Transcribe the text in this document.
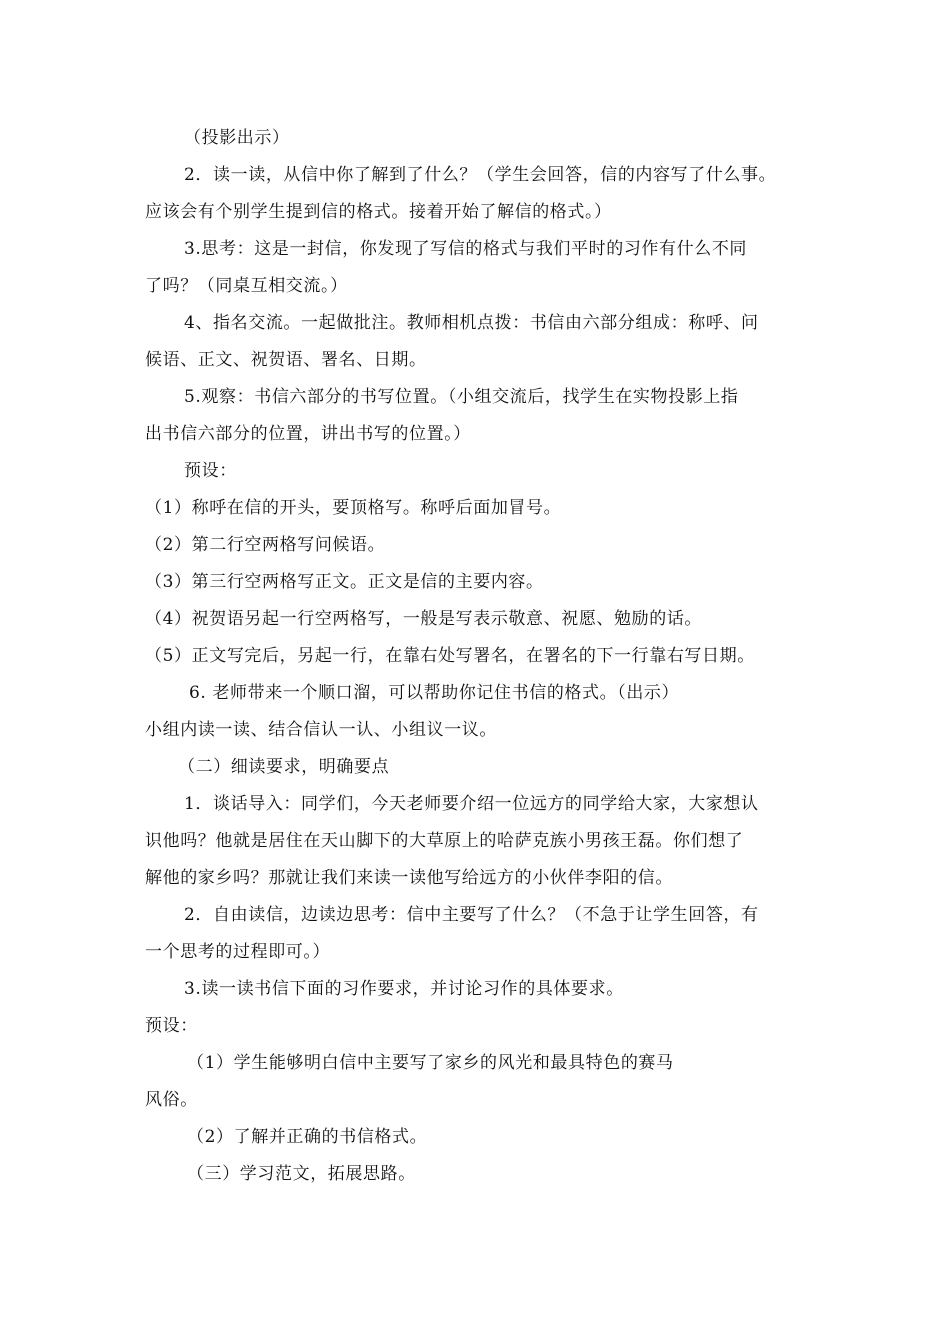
（投影出示）
2．读一读，从信中你了解到了什么？（学生会回答，信的内容写了什么事。
应该会有个别学生提到信的格式。接着开始了解信的格式。）
3.思考：这是一封信，你发现了写信的格式与我们平时的习作有什么不同
了吗？（同桌互相交流。）
4、指名交流。一起做批注。教师相机点拨：书信由六部分组成：称呼、问
候语、正文、祝贺语、署名、日期。
5.观察：书信六部分的书写位置。（小组交流后，找学生在实物投影上指
出书信六部分的位置，讲出书写的位置。）
预设：
（1）称呼在信的开头，要顶格写。称呼后面加冒号。
（2）第二行空两格写问候语。
（3）第三行空两格写正文。正文是信的主要内容。
（4）祝贺语另起一行空两格写，一般是写表示敬意、祝愿、勉励的话。
（5）正文写完后，另起一行，在靠右处写署名，在署名的下一行靠右写日期。
6. 老师带来一个顺口溜，可以帮助你记住书信的格式。（出示）
小组内读一读、结合信认一认、小组议一议。
（二）细读要求，明确要点
1．谈话导入：同学们，今天老师要介绍一位远方的同学给大家，大家想认
识他吗？他就是居住在天山脚下的大草原上的哈萨克族小男孩王磊。你们想了
解他的家乡吗？那就让我们来读一读他写给远方的小伙伴李阳的信。
2．自由读信，边读边思考：信中主要写了什么？（不急于让学生回答，有
一个思考的过程即可。）
3.读一读书信下面的习作要求，并讨论习作的具体要求。
预设：
（1）学生能够明白信中主要写了家乡的风光和最具特色的赛马
风俗。
（2）了解并正确的书信格式。
（三）学习范文，拓展思路。
